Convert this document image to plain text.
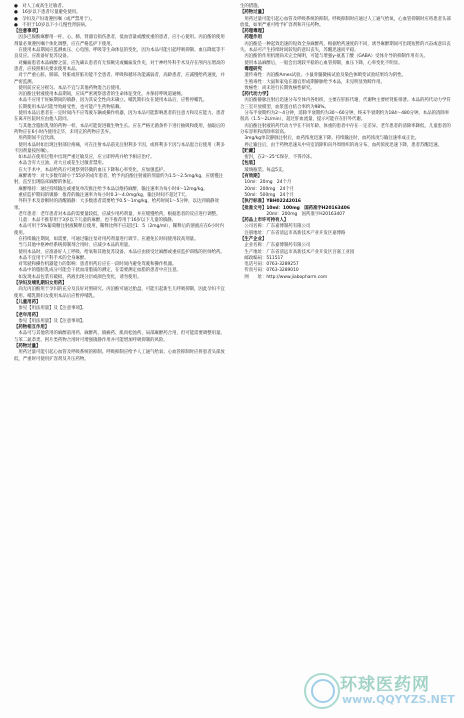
●　对人工或高生过敏者。

●　16岁以下患者尽量避免使用。

●　孕妇及产妇请遵医嘱（或严禁用于）。

●　不用于10岁以下小儿慢性肾脏病。

【注意事项】

　因多巴胺酚麻醉用一杆、心、肺、肾器官损伤患者，低血容量或酸度重的患者，应小心使用。丙泊酚的使用剂量必须遵医嘱个体化调整，应在严格监护下使用。

　在使用本品期间应监测血压、心电图、呼吸等生命体征的变化，因为本品可能引起呼吸抑制、血压降低等不良反应。应准备好复苏设备。

　对癫痫患者本品麻醉之前，应先确认患者有无惊厥史或癫痫发作史，对于神经外科手术及存在颅内压增高的患者，应按照相关要求使用本品。

　对于严重心脏、肺部、肾脏或肝脏功能不全患者、呼吸和循环功能减弱者，高龄患者，应减慢给药速度，并严密监测。

　使用前应充分摇匀。本品不宜与其他药物混合后使用。

　丙泊酚注射液使用本品期间，应该严密观察患者的生命体征变化，并保持呼吸道通畅。

　本品不应用于妊娠期间的镇静，因为其安全性尚未确立。哺乳期妇女在使用本品后，应暂停哺乳。

　长期使用本品可能导致耐受性，也可能产生药物依赖。

　使用本品后患者在一定时间内不应驾驶车辆或操作机器，因为本品可能影响患者的注意力和反应能力。患者在离开医院时应由他人陪同。

　与其他含脂肪乳剂的药物一样，本品可能促进微生物生长。应在严格无菌条件下进行抽吸和使用，抽取后的药物应在6小时内使用完毕，未用完的药物应丢弃。

　用药期间不宜饮酒。

　使用本品时如出现注射部位疼痛，可在注射本品前先注射利多卡因，或将利多卡因与本品混合后使用（利多卡因剂量按医嘱）。

　如本品在使用过程中出现严重过敏反应，应立即停药并给予相应治疗。

　本品含有大豆油，对大豆或花生过敏者禁用。

　在大手术中，本品给药后可观察到轻微的血压下降和心率变化，应加强监护。

　麻醉诱导：对大多数年龄小于55岁的成年患者，给予丙泊酚注射液的剂量约为1.5～2.5mg/kg，应缓慢注射，直至出现临床麻醉的体征。

　麻醉维持：通过持续输注或重复单次推注给予本品以维持麻醉，输注速率为每小时4～12mg/kg。

　重症监护期间的镇静：推荐的输注速率为每小时0.3～4.0mg/kg，输注时间不超过7天。

　外科手术及诊断时的清醒镇静：大多数患者需要给予0.5～1mg/kg，给药时间1～5分钟，以达到镇静效果。

　老年患者：老年患者对本品的需要量较低，应减少用药剂量，并应缓慢给药，根据患者的反应进行调整。

　儿童：本品不推荐用于3岁以下儿童的麻醉，也不推荐用于16岁以下儿童的镇静。

　本品可用于5%葡萄糖注射液稀释后使用，稀释比例不应超过1：5（2mg/ml），稀释后的溶液应在6小时内使用。

　在持续输注期间，如需要，可通过输注泵对用药剂量进行调节。应避免长时间使用较高剂量。

　当与其他中枢神经系统抑制剂合用时，应减少本品的用量。

　使用本品时，应准备好人工呼吸、给氧和其他复苏设备。本品应由接受过麻醉或重症监护训练的医师给药。

　本品不宜用于产科手术的全身麻醉。

　对驾驶和操作机器能力的影响：患者用药后应在一段时间内避免驾驶和操作机器。

　本品中的脂肪乳成分可能会干扰血清脂质的测定，在需要测定血脂的患者中应注意。

　如发现本品包装有破损、药液出现分层或颜色变化，请勿使用。

【孕妇及哺乳期妇女用药】

　尚无丙泊酚用于孕妇的充分及良好对照研究。丙泊酚可通过胎盘，可能引起新生儿呼吸抑制，因此孕妇不宜使用。哺乳期妇女使用本品后应暂停哺乳。

【儿童用药】

　参见【用法用量】及【注意事项】。

【老年用药】

　参见【用法用量】及【注意事项】。

【药物相互作用】

　本品可与其他常用的麻醉前用药、麻醉药、镇痛药、肌肉松弛药、局部麻醉药合用，但可能需要调整用量。与苯二氮䓬类、阿片类药物合用时可增强镇静作用并可能增加呼吸抑制的风险。

【药物过量】

　用药过量可能引起心血管及呼吸系统的抑制。呼吸抑制应给予人工通气给氧；心血管抑制时应将患者头部放低，严重时可使用扩容剂及升压药物。

生的措施。

【药物过量】

　用药过量可能引起心血管及呼吸系统的抑制。呼吸抑制时应通过人工通气给氧，心血管抑制时应将患者头部放低，如果严重可给予扩容剂和升压药物。

【药理毒理】

　药理作用

　丙泊酚是一种起效迅速的短效全身麻醉药。根据给药速度的不同，诱导麻醉期间可出现短暂的兴奋或意识丧失。本品可产生持续时间较短的意识丧失，苏醒迅速而平稳。

　丙泊酚的作用机理尚未完全阐明，可能与增强γ-氨基丁酸（GABA）受体介导的抑制作用有关。

　使用本品麻醉后，一般会出现较平稳的心血管抑制，血压下降，心率变化不明显。

　毒理研究

　遗传毒性：丙泊酚Ames试验、小鼠骨髓微核试验及染色体畸变试验结果均为阴性。

　生殖毒性：大鼠和家兔在器官形成期静脉给予本品，未见明显致畸作用。

　致癌性：尚未进行长期致癌性研究。

【药代动力学】

　丙泊酚静脉注射后迅速分布至体内各组织，主要在肝脏代谢，代谢物主要经肾脏排泄。本品的药代动力学符合三室开放模型，血浆蛋白结合率约为98%。

　分布半衰期约为2～4分钟，消除半衰期约为30～60分钟，终末半衰期约为184～480分钟。本品的清除率很高（1.5～2L/min），超过肝血流量，提示可能存在肝外代谢。

　丙泊酚注射液的药代动力学在不同年龄、体重的患者中存在一定差异。老年患者的清除率降低，儿童患者的分布容积和清除率较高。

　3mg/kg单次静脉注射后，血药浓度迅速下降。持续输注时，血药浓度与输注速率成正比。

　停止输注后，由于药物迅速从中央室消除和向外周组织的再分布，血药浓度迅速下降，患者苏醒迅速。

【贮藏】

　密封，在2～25℃保存，不得冷冻。

【包装】

　玻璃瓶装。每盒5支。

【有效期】

　10ml：20mg　24个月

　20ml：200mg　24个月

　50ml：500mg　24个月

【执行标准】YBH02242016

【批准文号】10ml：100mg　国药准字H20163406

　　　　　　20ml：200mg　国药准字H20163407

【药品上市许可持有人】

　公司名称：广东嘉博制药有限公司

　注册地址：广东省清远市高新技术产业开发区嘉博路

【生产企业】

　企业名称：广东嘉博制药有限公司

　生产地址：广东省清远市高新技术产业开发区百嘉工业园

　邮政编码：511517

　电话号码：0763-3289257

　传真号码：0763-3289010

　网　　址：http://www.jiabopharm.com

环球医药网
www.QQYYZS.NET
